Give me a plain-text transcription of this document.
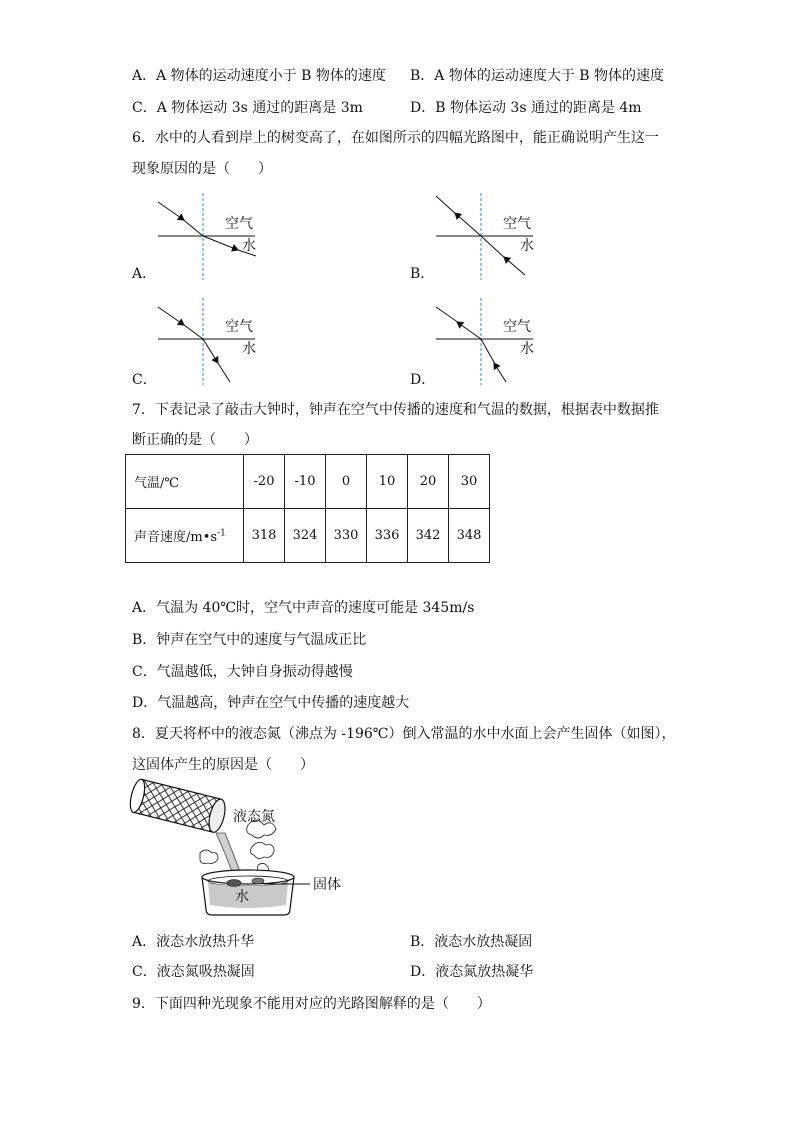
A．A 物体的运动速度小于 B 物体的速度 B．A 物体的运动速度大于 B 物体的速度
C．A 物体运动 3s 通过的距离是 3m	D．B 物体运动 3s 通过的距离是 4m
6．水中的人看到岸上的树变高了，在如图所示的四幅光路图中，能正确说明产生这一
现象原因的是（　　）
空气
水
A．
空气
水
B．
空气
水
C．
空气
水
D．
7．下表记录了敲击大钟时，钟声在空气中传播的速度和气温的数据，根据表中数据推
断正确的是（　　）
气温/℃	-20	-10	0	10	20	30
声音速度$/m•s^{-1}$	318	324	330	336	342	348
A．气温为 40℃时，空气中声音的速度可能是 345m/s
B．钟声在空气中的速度与气温成正比
C．气温越低，大钟自身振动得越慢
D．气温越高，钟声在空气中传播的速度越大
8．夏天将杯中的液态氮（沸点为 -196℃）倒入常温的水中水面上会产生固体（如图），
这固体产生的原因是（　　）
液态氮
固体
水
A．液态水放热升华	B．液态水放热凝固
C．液态氮吸热凝固	D．液态氮放热凝华
9．下面四种光现象不能用对应的光路图解释的是（　　）
